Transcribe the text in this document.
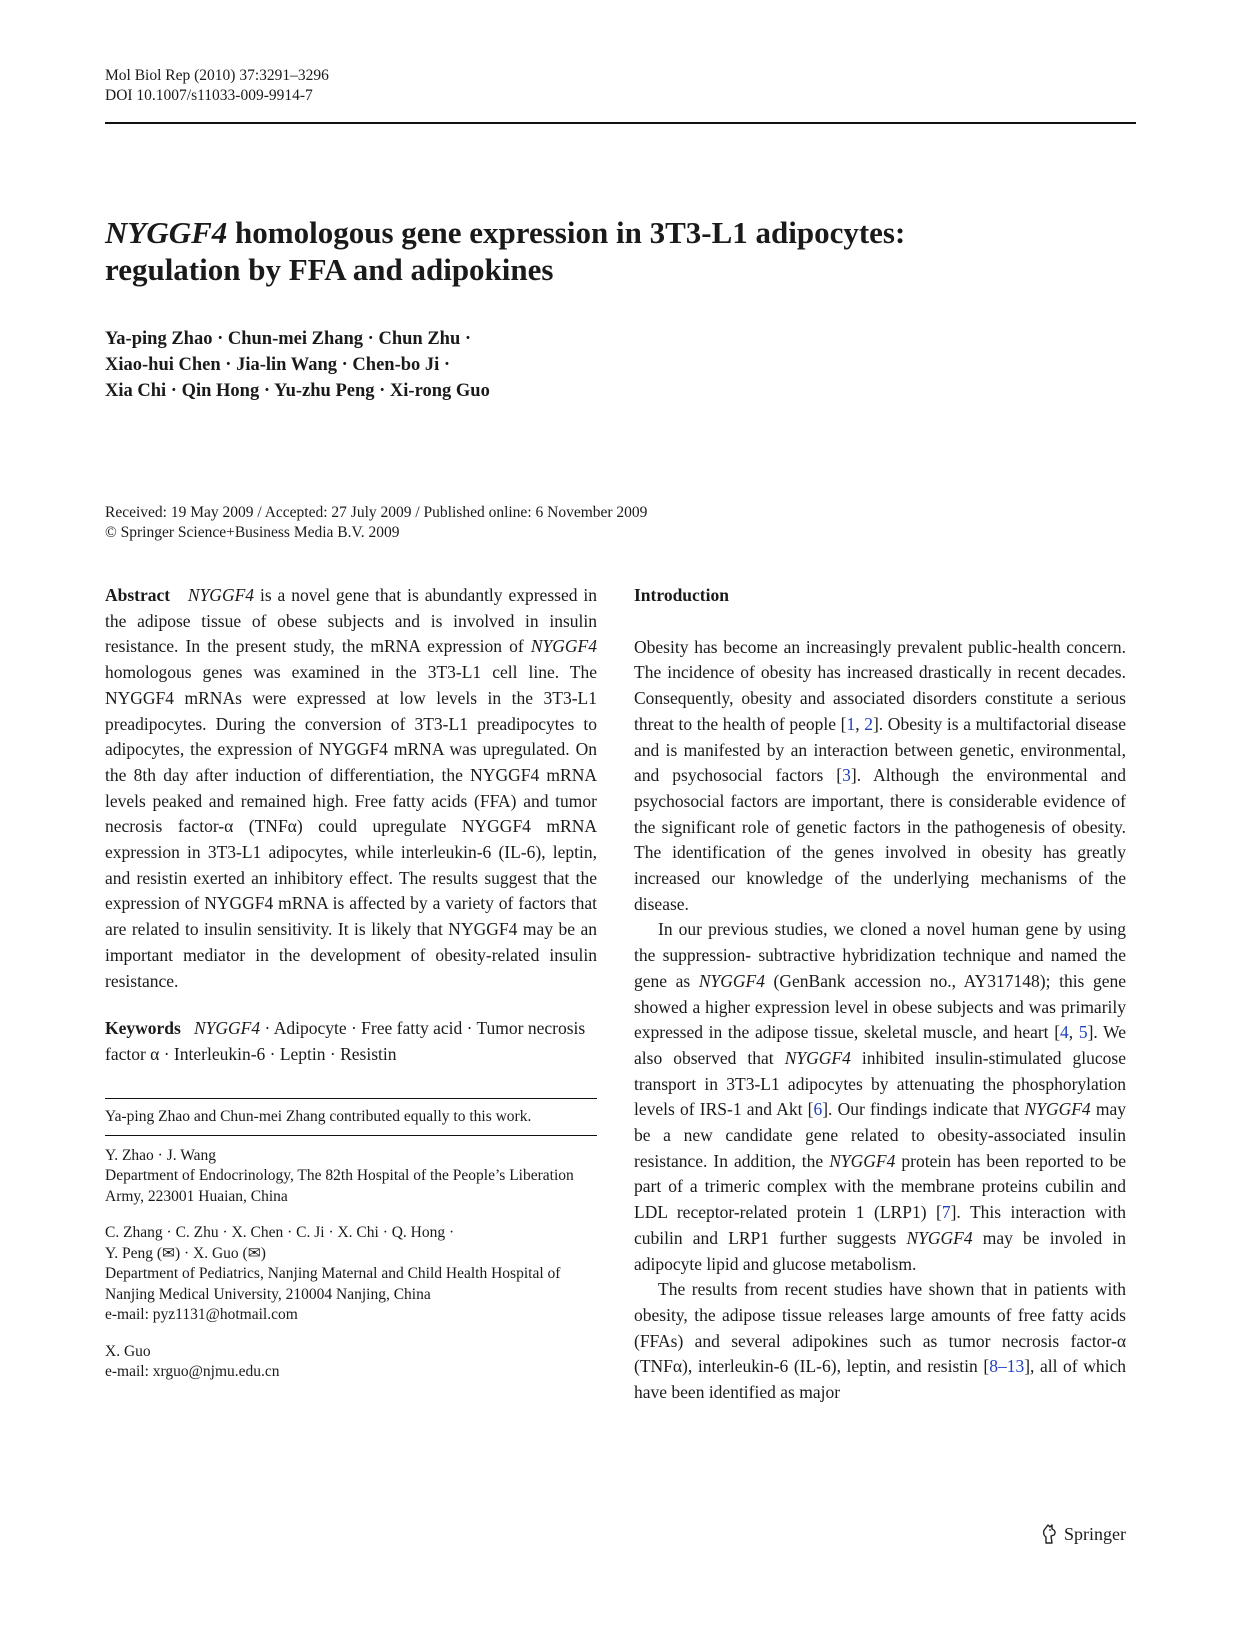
Mol Biol Rep (2010) 37:3291–3296
DOI 10.1007/s11033-009-9914-7
NYGGF4 homologous gene expression in 3T3-L1 adipocytes:
regulation by FFA and adipokines
Ya-ping Zhao · Chun-mei Zhang · Chun Zhu ·
Xiao-hui Chen · Jia-lin Wang · Chen-bo Ji ·
Xia Chi · Qin Hong · Yu-zhu Peng · Xi-rong Guo
Received: 19 May 2009 / Accepted: 27 July 2009 / Published online: 6 November 2009
© Springer Science+Business Media B.V. 2009

Abstract NYGGF4 is a novel gene that is abundantly expressed in the adipose tissue of obese subjects and is involved in insulin resistance. In the present study, the mRNA expression of NYGGF4 homologous genes was examined in the 3T3-L1 cell line. The NYGGF4 mRNAs were expressed at low levels in the 3T3-L1 preadipocytes. During the conversion of 3T3-L1 preadipocytes to adipocytes, the expression of NYGGF4 mRNA was upregulated. On the 8th day after induction of differentiation, the NYGGF4 mRNA levels peaked and remained high. Free fatty acids (FFA) and tumor necrosis factor-α (TNFα) could upregulate NYGGF4 mRNA expression in 3T3-L1 adipocytes, while interleukin-6 (IL-6), leptin, and resistin exerted an inhibitory effect. The results suggest that the expression of NYGGF4 mRNA is affected by a variety of factors that are related to insulin sensitivity. It is likely that NYGGF4 may be an important mediator in the development of obesity-related insulin resistance.

Keywords NYGGF4 · Adipocyte · Free fatty acid · Tumor necrosis factor α · Interleukin-6 · Leptin · Resistin

Ya-ping Zhao and Chun-mei Zhang contributed equally to this work.

Y. Zhao · J. Wang
Department of Endocrinology, The 82th Hospital of the People’s Liberation Army, 223001 Huaian, China
C. Zhang · C. Zhu · X. Chen · C. Ji · X. Chi · Q. Hong ·
Y. Peng (✉) · X. Guo (✉)
Department of Pediatrics, Nanjing Maternal and Child Health Hospital of Nanjing Medical University, 210004 Nanjing, China
e-mail: pyz1131@hotmail.com
X. Guo
e-mail: xrguo@njmu.edu.cn

Introduction

Obesity has become an increasingly prevalent public-health concern. The incidence of obesity has increased drastically in recent decades. Consequently, obesity and associated disorders constitute a serious threat to the health of people [1, 2]. Obesity is a multifactorial disease and is manifested by an interaction between genetic, environmental, and psychosocial factors [3]. Although the environmental and psychosocial factors are important, there is considerable evidence of the significant role of genetic factors in the pathogenesis of obesity. The identification of the genes involved in obesity has greatly increased our knowledge of the underlying mechanisms of the disease.

In our previous studies, we cloned a novel human gene by using the suppression- subtractive hybridization technique and named the gene as NYGGF4 (GenBank accession no., AY317148); this gene showed a higher expression level in obese subjects and was primarily expressed in the adipose tissue, skeletal muscle, and heart [4, 5]. We also observed that NYGGF4 inhibited insulin-stimulated glucose transport in 3T3-L1 adipocytes by attenuating the phosphorylation levels of IRS-1 and Akt [6]. Our findings indicate that NYGGF4 may be a new candidate gene related to obesity-associated insulin resistance. In addition, the NYGGF4 protein has been reported to be part of a trimeric complex with the membrane proteins cubilin and LDL receptor-related protein 1 (LRP1) [7]. This interaction with cubilin and LRP1 further suggests NYGGF4 may be involed in adipocyte lipid and glucose metabolism.

The results from recent studies have shown that in patients with obesity, the adipose tissue releases large amounts of free fatty acids (FFAs) and several adipokines such as tumor necrosis factor-α (TNFα), interleukin-6 (IL-6), leptin, and resistin [8–13], all of which have been identified as major

Springer
